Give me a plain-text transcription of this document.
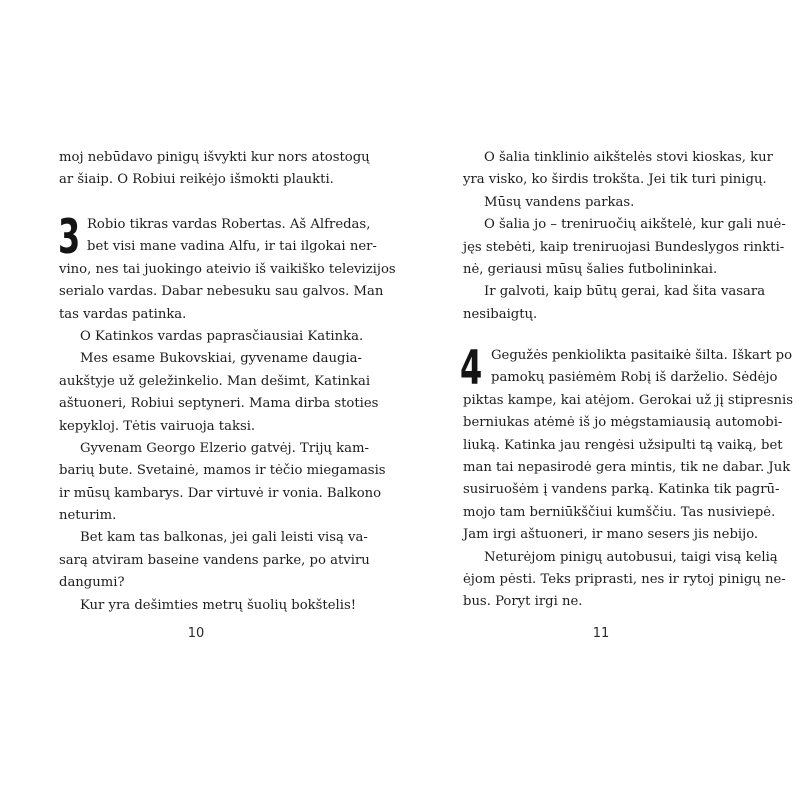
moj nebūdavo pinigų išvykti kur nors atostogų
ar šiaip. O Robiui reikėjo išmokti plaukti.
3 Robio tikras vardas Robertas. Aš Alfredas,
bet visi mane vadina Alfu, ir tai ilgokai ner-
vino, nes tai juokingo ateivio iš vaikiško televizijos
serialo vardas. Dabar nebesuku sau galvos. Man
tas vardas patinka.
O Katinkos vardas paprasčiausiai Katinka.
Mes esame Bukovskiai, gyvename daugia-
aukštyje už geležinkelio. Man dešimt, Katinkai
aštuoneri, Robiui septyneri. Mama dirba stoties
kepykloj. Tėtis vairuoja taksi.
Gyvenam Georgo Elzerio gatvėj. Trijų kam-
barių bute. Svetainė, mamos ir tėčio miegamasis
ir mūsų kambarys. Dar virtuvė ir vonia. Balkono
neturim.
Bet kam tas balkonas, jei gali leisti visą va-
sarą atviram baseine vandens parke, po atviru
dangumi?
Kur yra dešimties metrų šuolių bokštelis!
10
O šalia tinklinio aikštelės stovi kioskas, kur
yra visko, ko širdis trokšta. Jei tik turi pinigų.
Mūsų vandens parkas.
O šalia jo – treniruočių aikštelė, kur gali nuė-
jęs stebėti, kaip treniruojasi Bundeslygos rinkti-
nė, geriausi mūsų šalies futbolininkai.
Ir galvoti, kaip būtų gerai, kad šita vasara
nesibaigtų.
4 Gegužės penkiolikta pasitaikė šilta. Iškart po
pamokų pasiėmėm Robį iš darželio. Sėdėjo
piktas kampe, kai atėjom. Gerokai už jį stipresnis
berniukas atėmė iš jo mėgstamiausią automobi-
liuką. Katinka jau rengėsi užsipulti tą vaiką, bet
man tai nepasirodė gera mintis, tik ne dabar. Juk
susiruošėm į vandens parką. Katinka tik pagrū-
mojo tam berniūkščiui kumščiu. Tas nusiviepė.
Jam irgi aštuoneri, ir mano sesers jis nebijo.
Neturėjom pinigų autobusui, taigi visą kelią
ėjom pėsti. Teks priprasti, nes ir rytoj pinigų ne-
bus. Poryt irgi ne.
11
